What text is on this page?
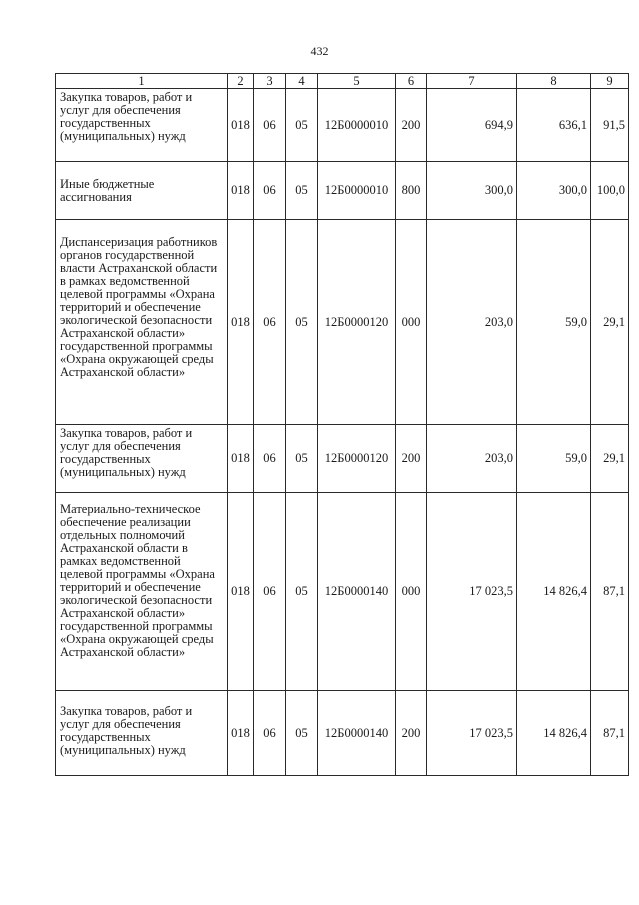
432
1	2	3	4	5	6	7	8	9
Закупка товаров, работ и услуг для обеспечения государственных (муниципальных) нужд	018	06	05	12Б0000010	200	694,9	636,1	91,5
Иные бюджетные ассигнования	018	06	05	12Б0000010	800	300,0	300,0	100,0
Диспансеризация работников органов государственной власти Астраханской области в рамках ведомственной целевой программы «Охрана территорий и обеспечение экологической безопасности Астраханской области» государственной программы «Охрана окружающей среды Астраханской области»	018	06	05	12Б0000120	000	203,0	59,0	29,1
Закупка товаров, работ и услуг для обеспечения государственных (муниципальных) нужд	018	06	05	12Б0000120	200	203,0	59,0	29,1
Материально-техническое обеспечение реализации отдельных полномочий Астраханской области в рамках ведомственной целевой программы «Охрана территорий и обеспечение экологической безопасности Астраханской области» государственной программы «Охрана окружающей среды Астраханской области»	018	06	05	12Б0000140	000	17 023,5	14 826,4	87,1
Закупка товаров, работ и услуг для обеспечения государственных (муниципальных) нужд	018	06	05	12Б0000140	200	17 023,5	14 826,4	87,1
